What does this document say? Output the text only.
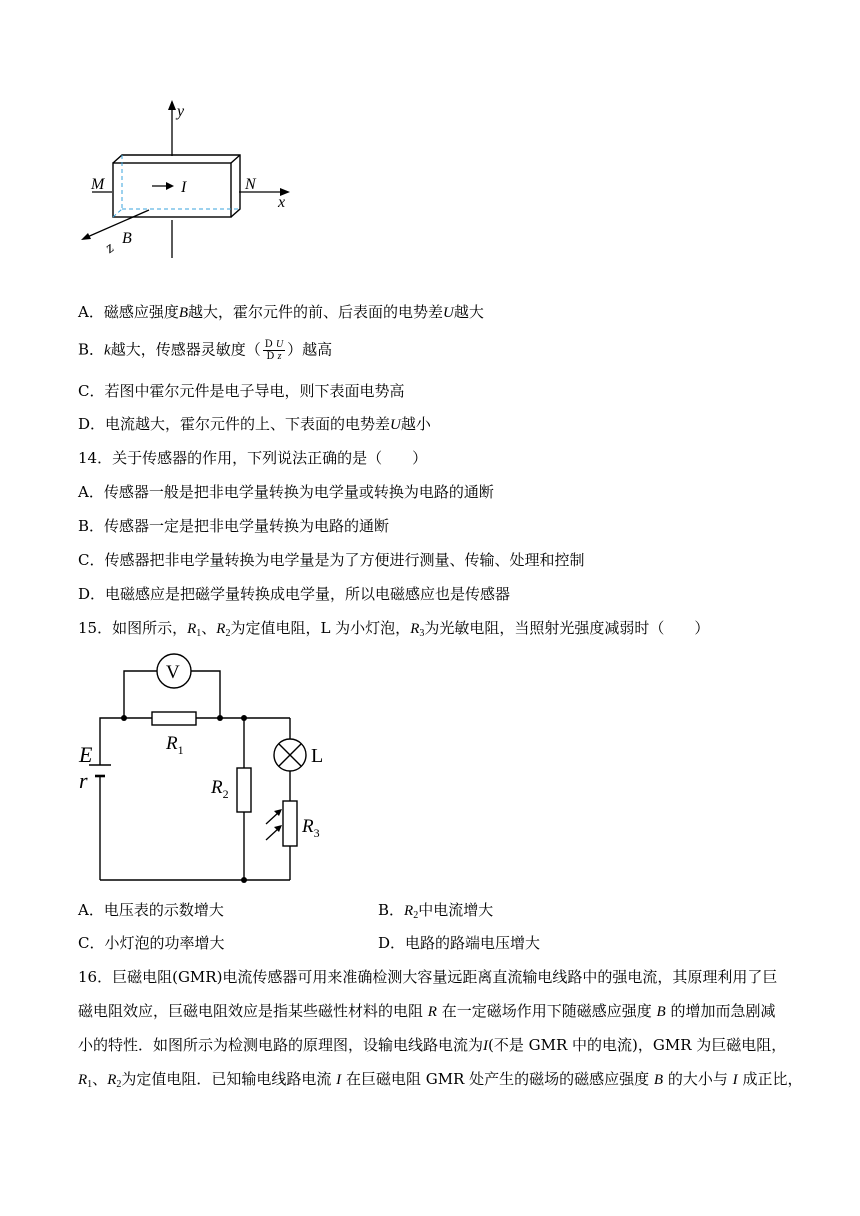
y
x
z
M	N
I
B
A．磁感应强度B越大，霍尔元件的前、后表面的电势差U越大
B．k越大，传感器灵敏度（ $\frac{\text{D U}}{\text{D z}}$ ）越高
C．若图中霍尔元件是电子导电，则下表面电势高
D．电流越大，霍尔元件的上、下表面的电势差U越小
14．关于传感器的作用，下列说法正确的是（　　）
A．传感器一般是把非电学量转换为电学量或转换为电路的通断
B．传感器一定是把非电学量转换为电路的通断
C．传感器把非电学量转换为电学量是为了方便进行测量、传输、处理和控制
D．电磁感应是把磁学量转换成电学量，所以电磁感应也是传感器
15．如图所示，$R_1$、$R_2$为定值电阻，L 为小灯泡，$R_3$为光敏电阻，当照射光强度减弱时（　　）
V
E
r
L
$R_1$
$R_2$
$R_3$
A．电压表的示数增大	B．$R_2$中电流增大
C．小灯泡的功率增大	D．电路的路端电压增大
16．巨磁电阻(GMR)电流传感器可用来准确检测大容量远距离直流输电线路中的强电流，其原理利用了巨
磁电阻效应，巨磁电阻效应是指某些磁性材料的电阻 R 在一定磁场作用下随磁感应强度 B 的增加而急剧减
小的特性．如图所示为检测电路的原理图，设输电线路电流为I(不是 GMR 中的电流)，GMR 为巨磁电阻，
$R_1$、$R_2$为定值电阻．已知输电线路电流 I 在巨磁电阻 GMR 处产生的磁场的磁感应强度 B 的大小与 I 成正比，
